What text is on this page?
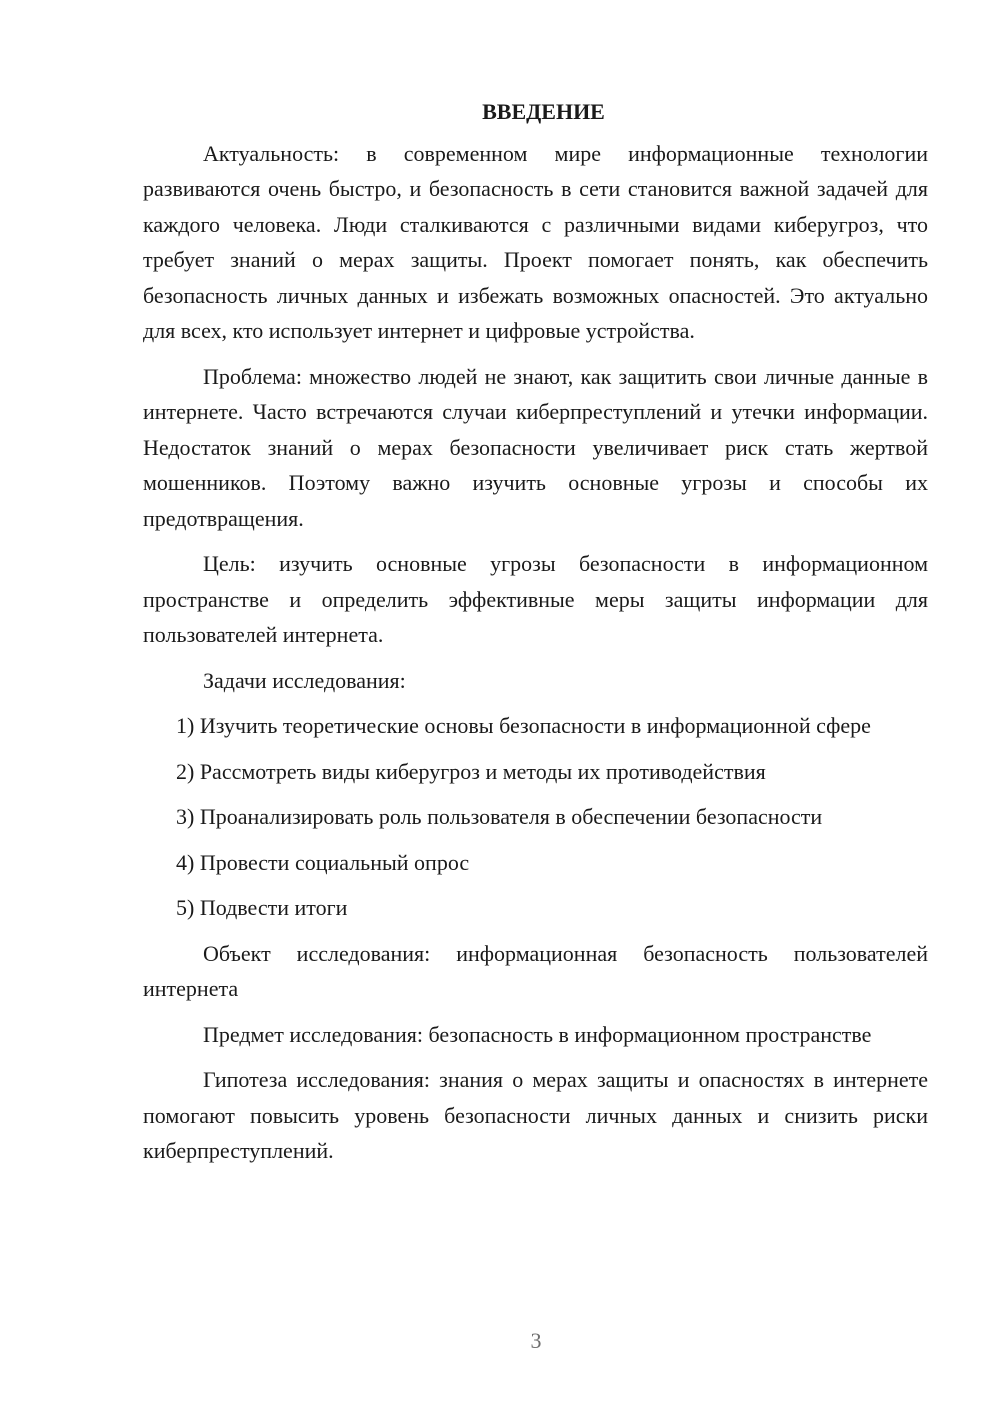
ВВЕДЕНИЕ

Актуальность: в современном мире информационные технологии развиваются очень быстро, и безопасность в сети становится важной задачей для каждого человека. Люди сталкиваются с различными видами киберугроз, что требует знаний о мерах защиты. Проект помогает понять, как обеспечить безопасность личных данных и избежать возможных опасностей. Это актуально для всех, кто использует интернет и цифровые устройства.

Проблема: множество людей не знают, как защитить свои личные данные в интернете. Часто встречаются случаи киберпреступлений и утечки информации. Недостаток знаний о мерах безопасности увеличивает риск стать жертвой мошенников. Поэтому важно изучить основные угрозы и способы их предотвращения.

Цель: изучить основные угрозы безопасности в информационном пространстве и определить эффективные меры защиты информации для пользователей интернета.

Задачи исследования:

1) Изучить теоретические основы безопасности в информационной сфере

2) Рассмотреть виды киберугроз и методы их противодействия

3) Проанализировать роль пользователя в обеспечении безопасности

4) Провести социальный опрос

5) Подвести итоги

Объект исследования: информационная безопасность пользователей интернета

Предмет исследования: безопасность в информационном пространстве

Гипотеза исследования: знания о мерах защиты и опасностях в интернете помогают повысить уровень безопасности личных данных и снизить риски киберпреступлений.

3
